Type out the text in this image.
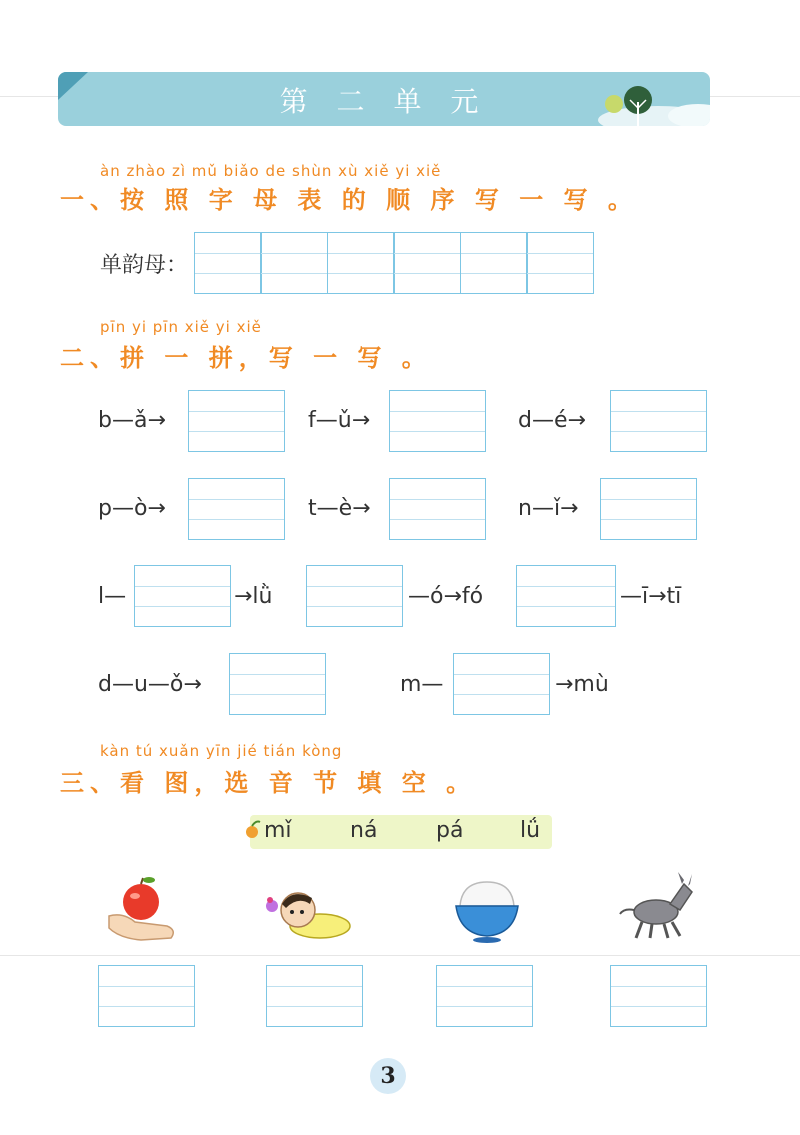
第 二 单 元
àn zhào zì mǔ biǎo de shùn xù xiě yi xiě
一、按 照 字 母 表 的 顺 序 写 一 写 。
单韵母：
pīn yi pīn xiě yi xiě
二、拼 一 拼，写 一 写 。
b—ǎ→	f—ǔ→	d—é→
p—ò→	t—è→	n—ǐ→
l—	→lǜ	—ó→fó	—ī→tī
d—u—ǒ→	m—	→mù
kàn tú xuǎn yīn jié tián kòng
三、看 图，选 音 节 填 空 。
mǐ	ná	pá	lǘ
3
